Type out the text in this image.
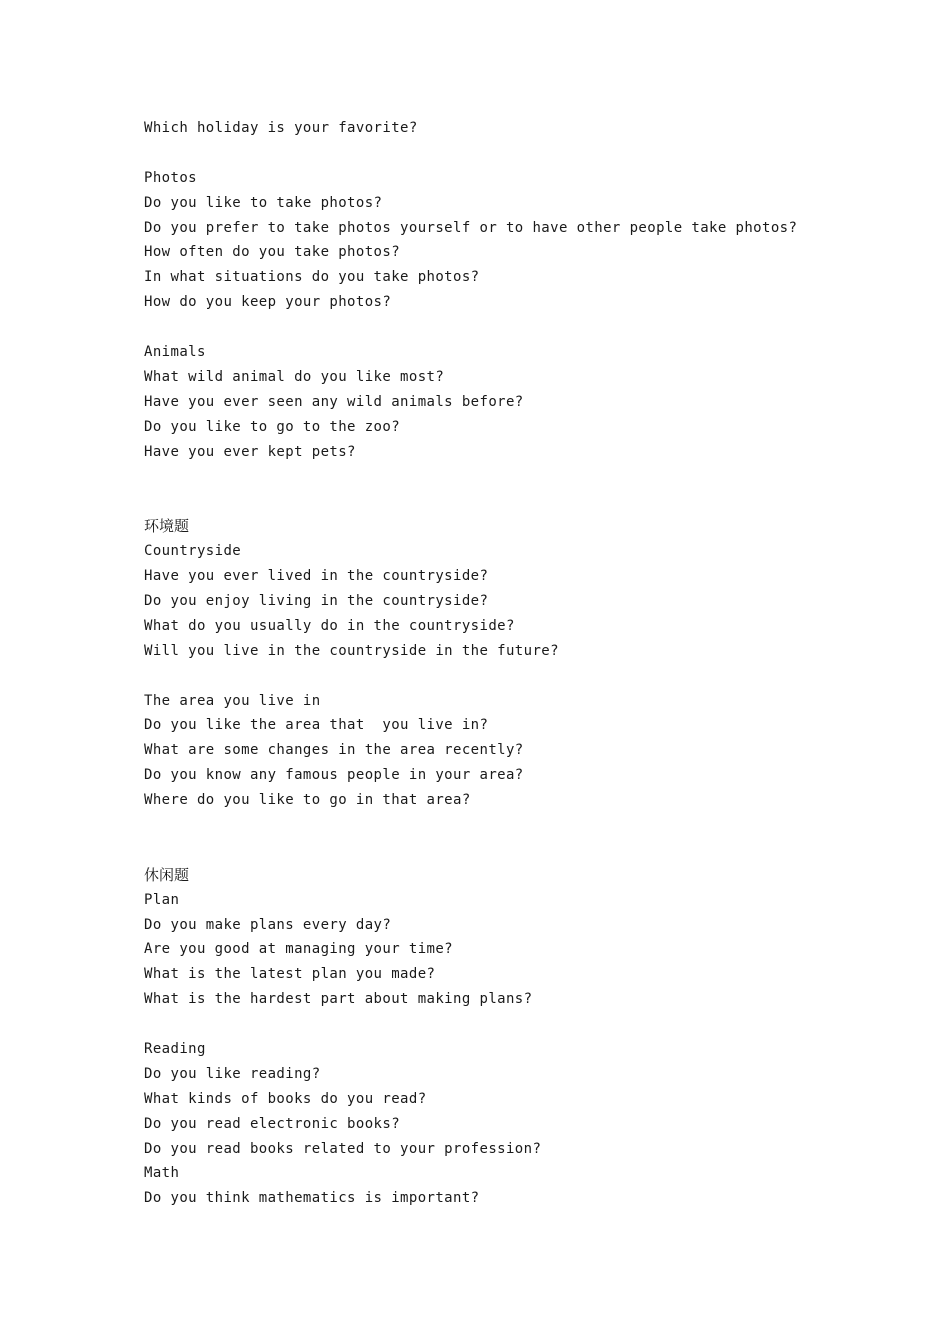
Which holiday is your favorite?
Photos
Do you like to take photos?
Do you prefer to take photos yourself or to have other people take photos?
How often do you take photos?
In what situations do you take photos?
How do you keep your photos?
Animals
What wild animal do you like most?
Have you ever seen any wild animals before?
Do you like to go to the zoo?
Have you ever kept pets?
环境题
Countryside
Have you ever lived in the countryside?
Do you enjoy living in the countryside?
What do you usually do in the countryside?
Will you live in the countryside in the future?
The area you live in
Do you like the area that  you live in?
What are some changes in the area recently?
Do you know any famous people in your area?
Where do you like to go in that area?
休闲题
Plan
Do you make plans every day?
Are you good at managing your time?
What is the latest plan you made?
What is the hardest part about making plans?
Reading
Do you like reading?
What kinds of books do you read?
Do you read electronic books?
Do you read books related to your profession?
Math
Do you think mathematics is important?
